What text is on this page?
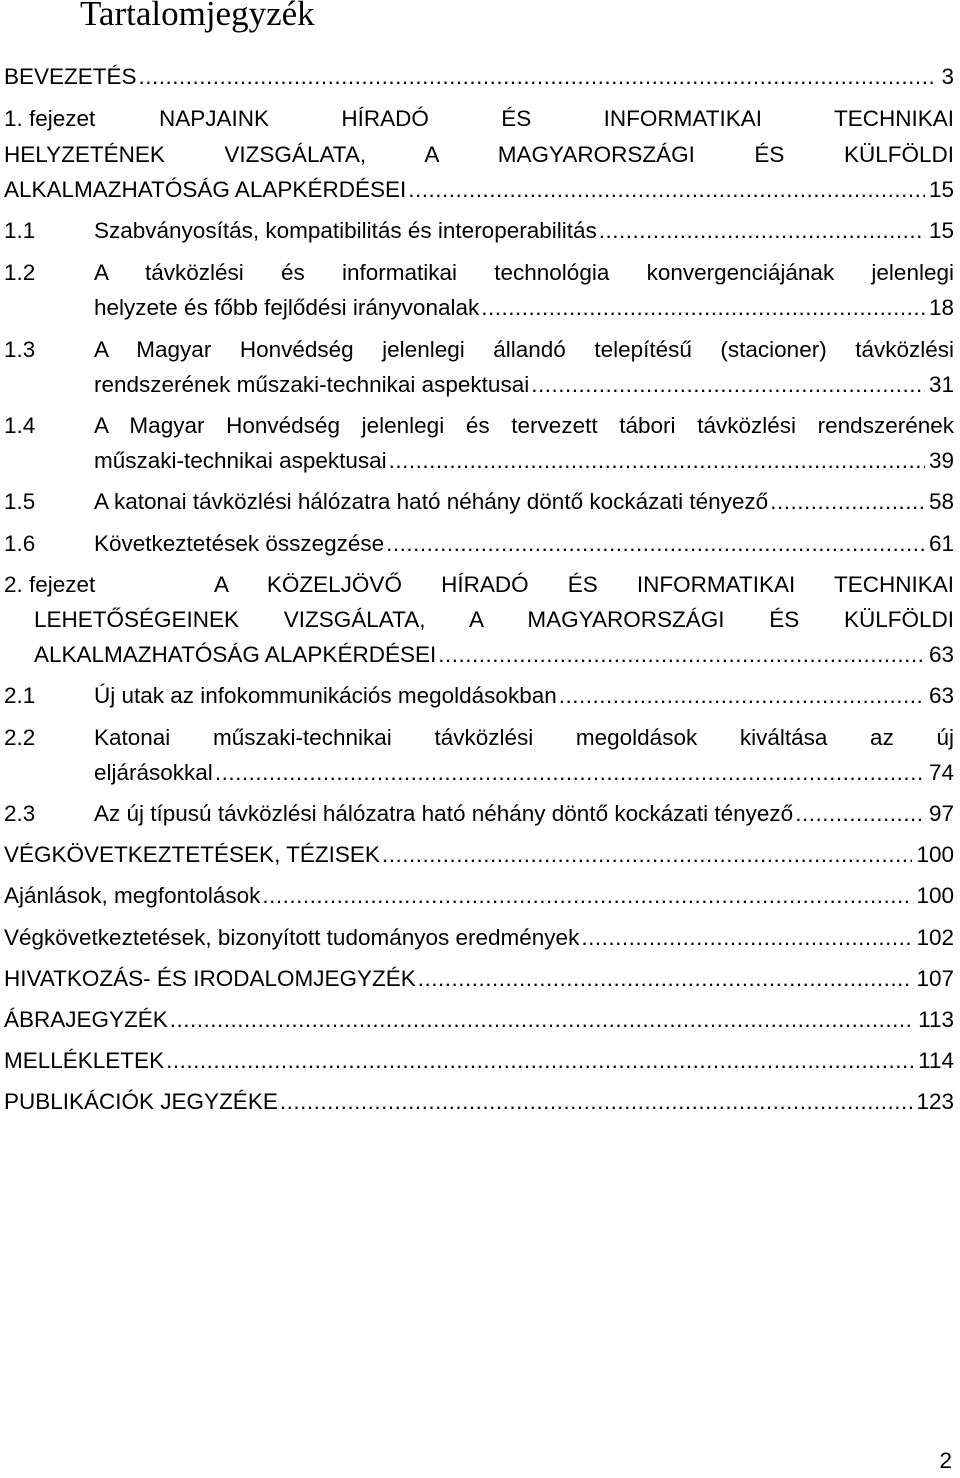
Tartalomjegyzék
BEVEZETÉS .....	3
1. fejezet	NAPJAINK HÍRADÓ ÉS INFORMATIKAI TECHNIKAI
HELYZETÉNEK VIZSGÁLATA, A MAGYARORSZÁGI ÉS KÜLFÖLDI
ALKALMAZHATÓSÁG ALAPKÉRDÉSEI .....	15
1.1	Szabványosítás, kompatibilitás és interoperabilitás .....	15
1.2	A távközlési és informatikai technológia konvergenciájának jelenlegi
helyzete és főbb fejlődési irányvonalak .....	18
1.3	A Magyar Honvédség jelenlegi állandó telepítésű (stacioner) távközlési
rendszerének műszaki-technikai aspektusai .....	31
1.4	A Magyar Honvédség jelenlegi és tervezett tábori távközlési rendszerének
műszaki-technikai aspektusai .....	39
1.5	A katonai távközlési hálózatra ható néhány döntő kockázati tényező .....	58
1.6	Következtetések összegzése .....	61
2. fejezet	A KÖZELJÖVŐ HÍRADÓ ÉS INFORMATIKAI TECHNIKAI
LEHETŐSÉGEINEK VIZSGÁLATA, A MAGYARORSZÁGI ÉS KÜLFÖLDI
ALKALMAZHATÓSÁG ALAPKÉRDÉSEI .....	63
2.1	Új utak az infokommunikációs megoldásokban .....	63
2.2	Katonai műszaki-technikai távközlési megoldások kiváltása az új
eljárásokkal .....	74
2.3	Az új típusú távközlési hálózatra ható néhány döntő kockázati tényező .....	97
VÉGKÖVETKEZTETÉSEK, TÉZISEK .....	100
Ajánlások, megfontolások .....	100
Végkövetkeztetések, bizonyított tudományos eredmények .....	102
HIVATKOZÁS- ÉS IRODALOMJEGYZÉK .....	107
ÁBRAJEGYZÉK .....	113
MELLÉKLETEK .....	114
PUBLIKÁCIÓK JEGYZÉKE .....	123
2
